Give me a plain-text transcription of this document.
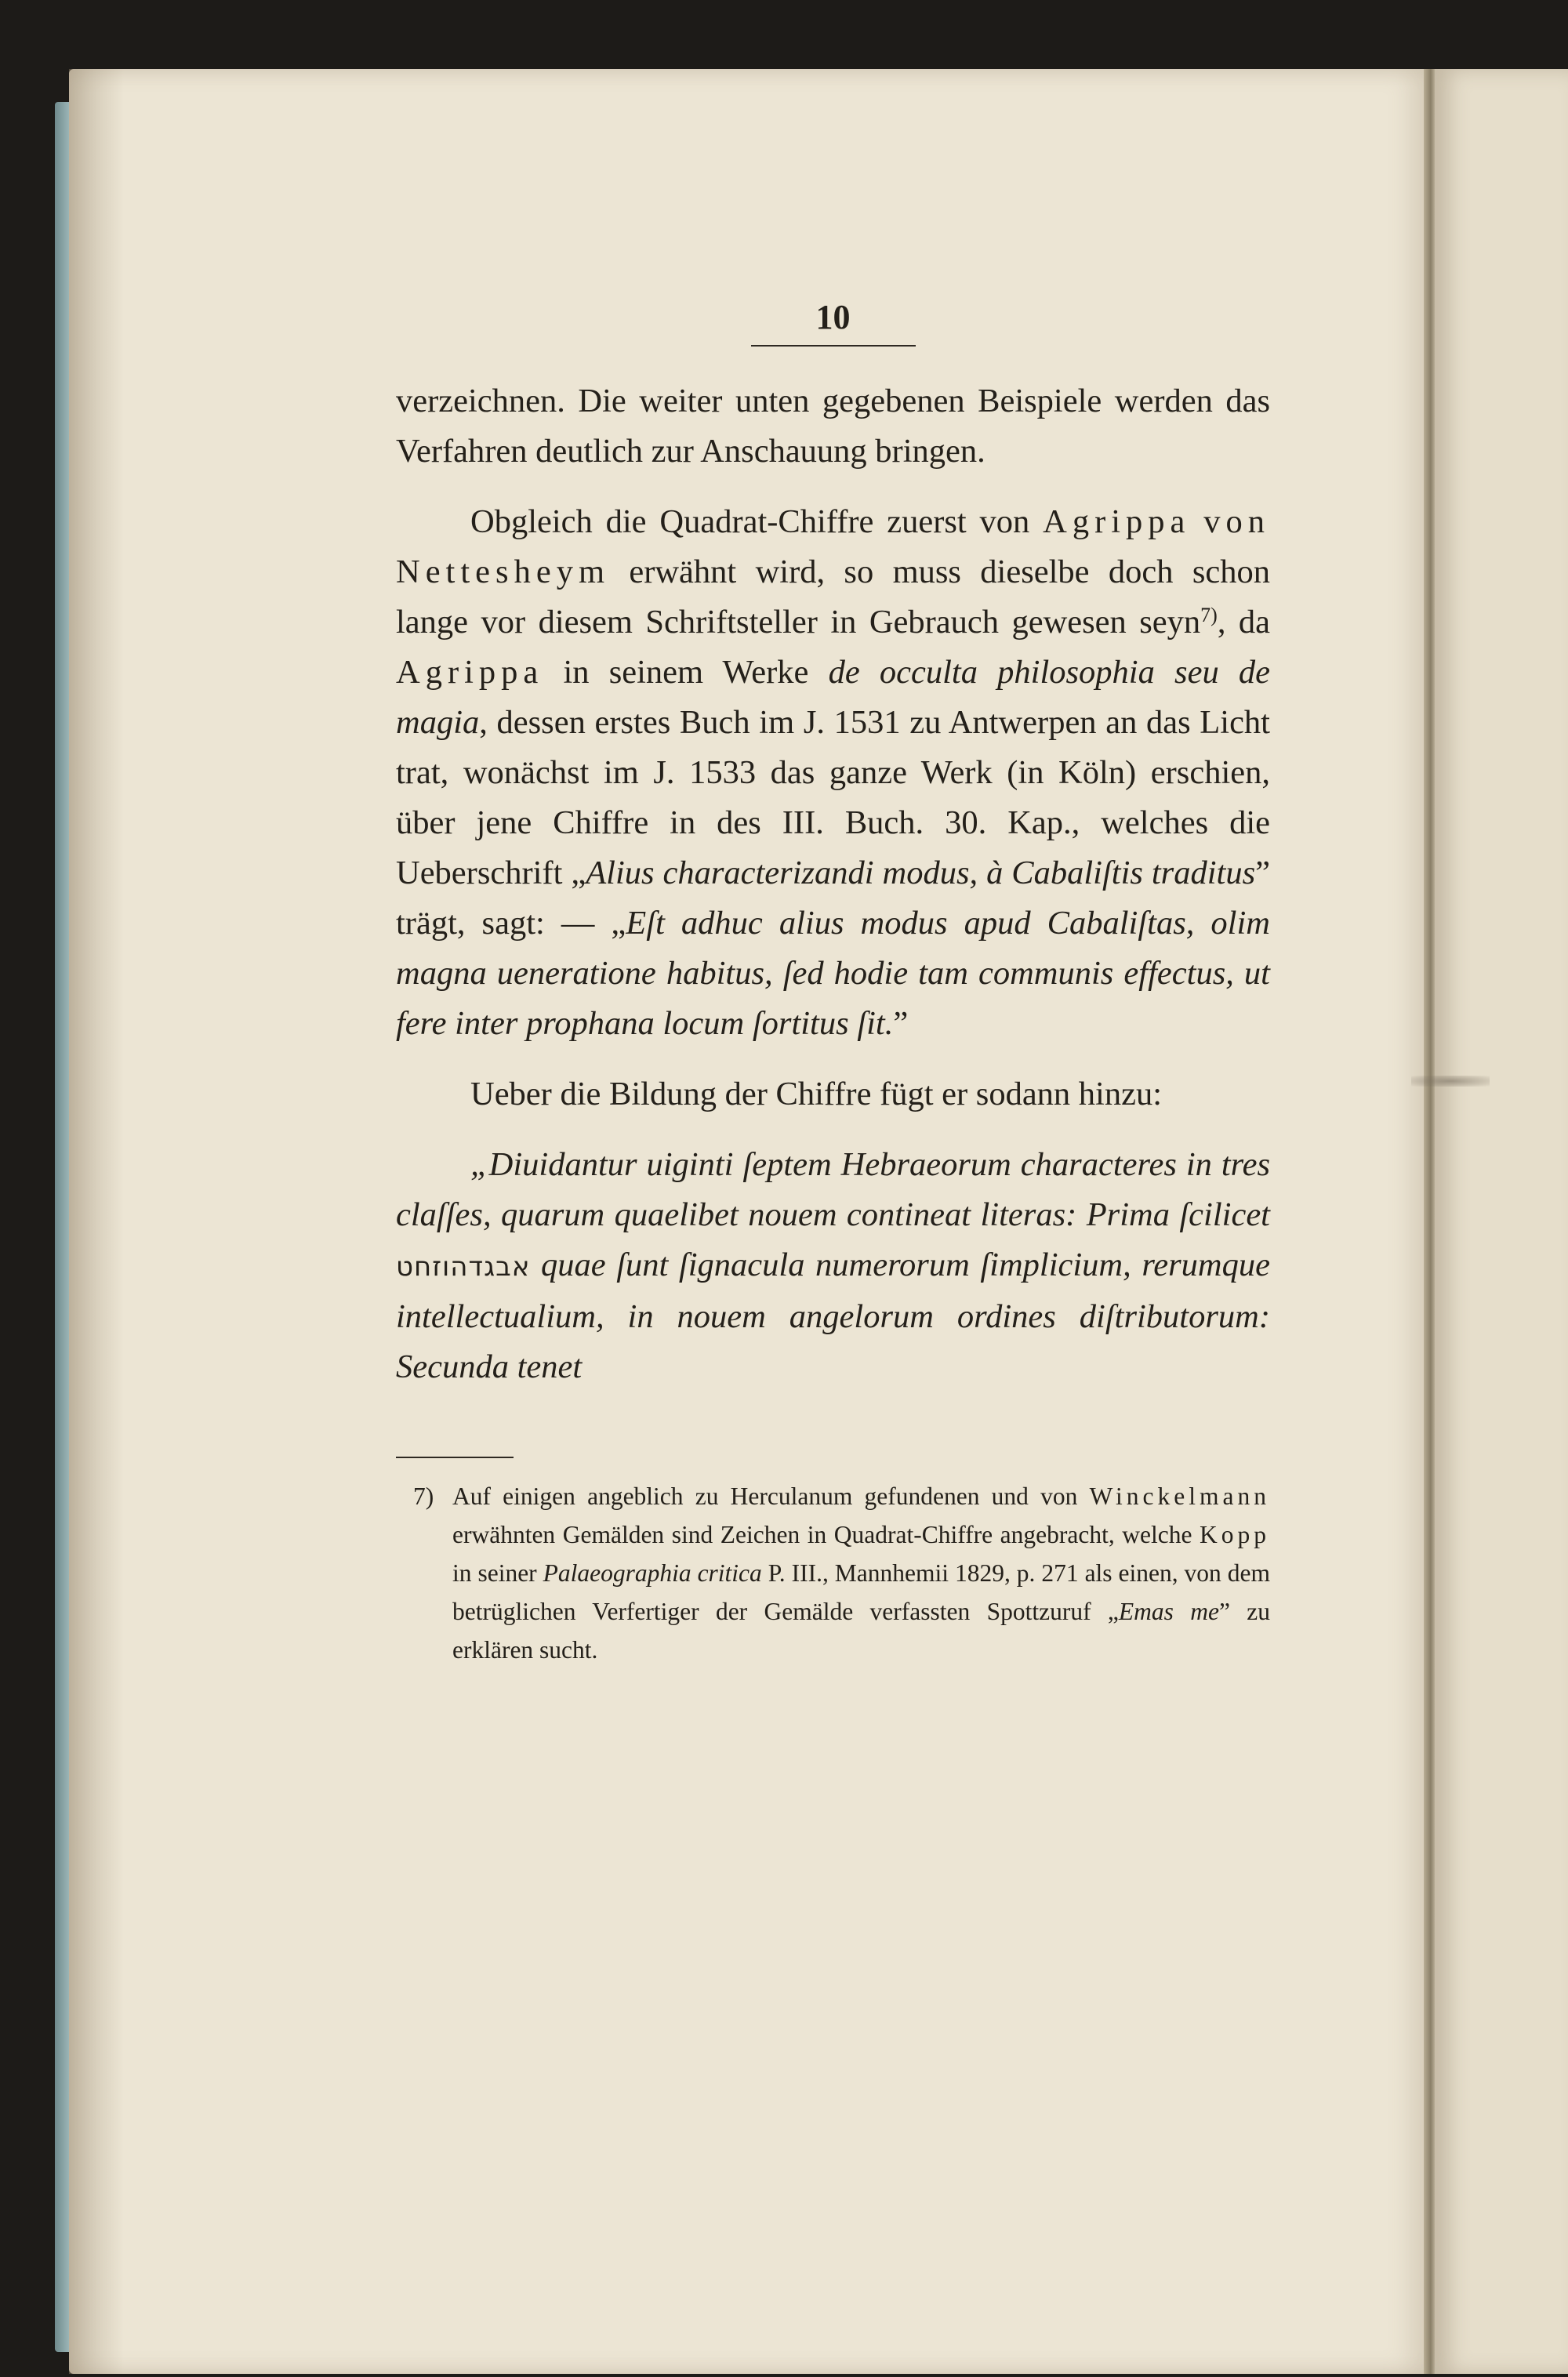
10

verzeichnen. Die weiter unten gegebenen Beispiele werden das Verfahren deutlich zur Anschauung bringen.

Obgleich die Quadrat-Chiffre zuerst von Agrippa von Nettesheym erwähnt wird, so muss dieselbe doch schon lange vor diesem Schriftsteller in Gebrauch gewesen seyn$^{7)}$, da Agrippa in seinem Werke de occulta philosophia seu de magia, dessen erstes Buch im J. 1531 zu Antwerpen an das Licht trat, wonächst im J. 1533 das ganze Werk (in Köln) erschien, über jene Chiffre in des III. Buch. 30. Kap., welches die Ueberschrift „Alius characterizandi modus, à Cabaliſtis traditus” trägt, sagt: — „Eſt adhuc alius modus apud Cabaliſtas, olim magna ueneratione habitus, ſed hodie tam communis effectus, ut fere inter prophana locum ſortitus ſit.”

Ueber die Bildung der Chiffre fügt er sodann hinzu:

„Diuidantur uiginti ſeptem Hebraeorum characteres in tres claſſes, quarum quaelibet nouem contineat literas: Prima ſcilicet אבגדהוזחט quae ſunt ſignacula numerorum ſimplicium, rerumque intellectualium, in nouem angelorum ordines diſtributorum: Secunda tenet

7) Auf einigen angeblich zu Herculanum gefundenen und von Winckelmann erwähnten Gemälden sind Zeichen in Quadrat-Chiffre angebracht, welche Kopp in seiner Palaeographia critica P. III., Mannhemii 1829, p. 271 als einen, von dem betrüglichen Verfertiger der Gemälde verfassten Spottzuruf „Emas me” zu erklären sucht.
